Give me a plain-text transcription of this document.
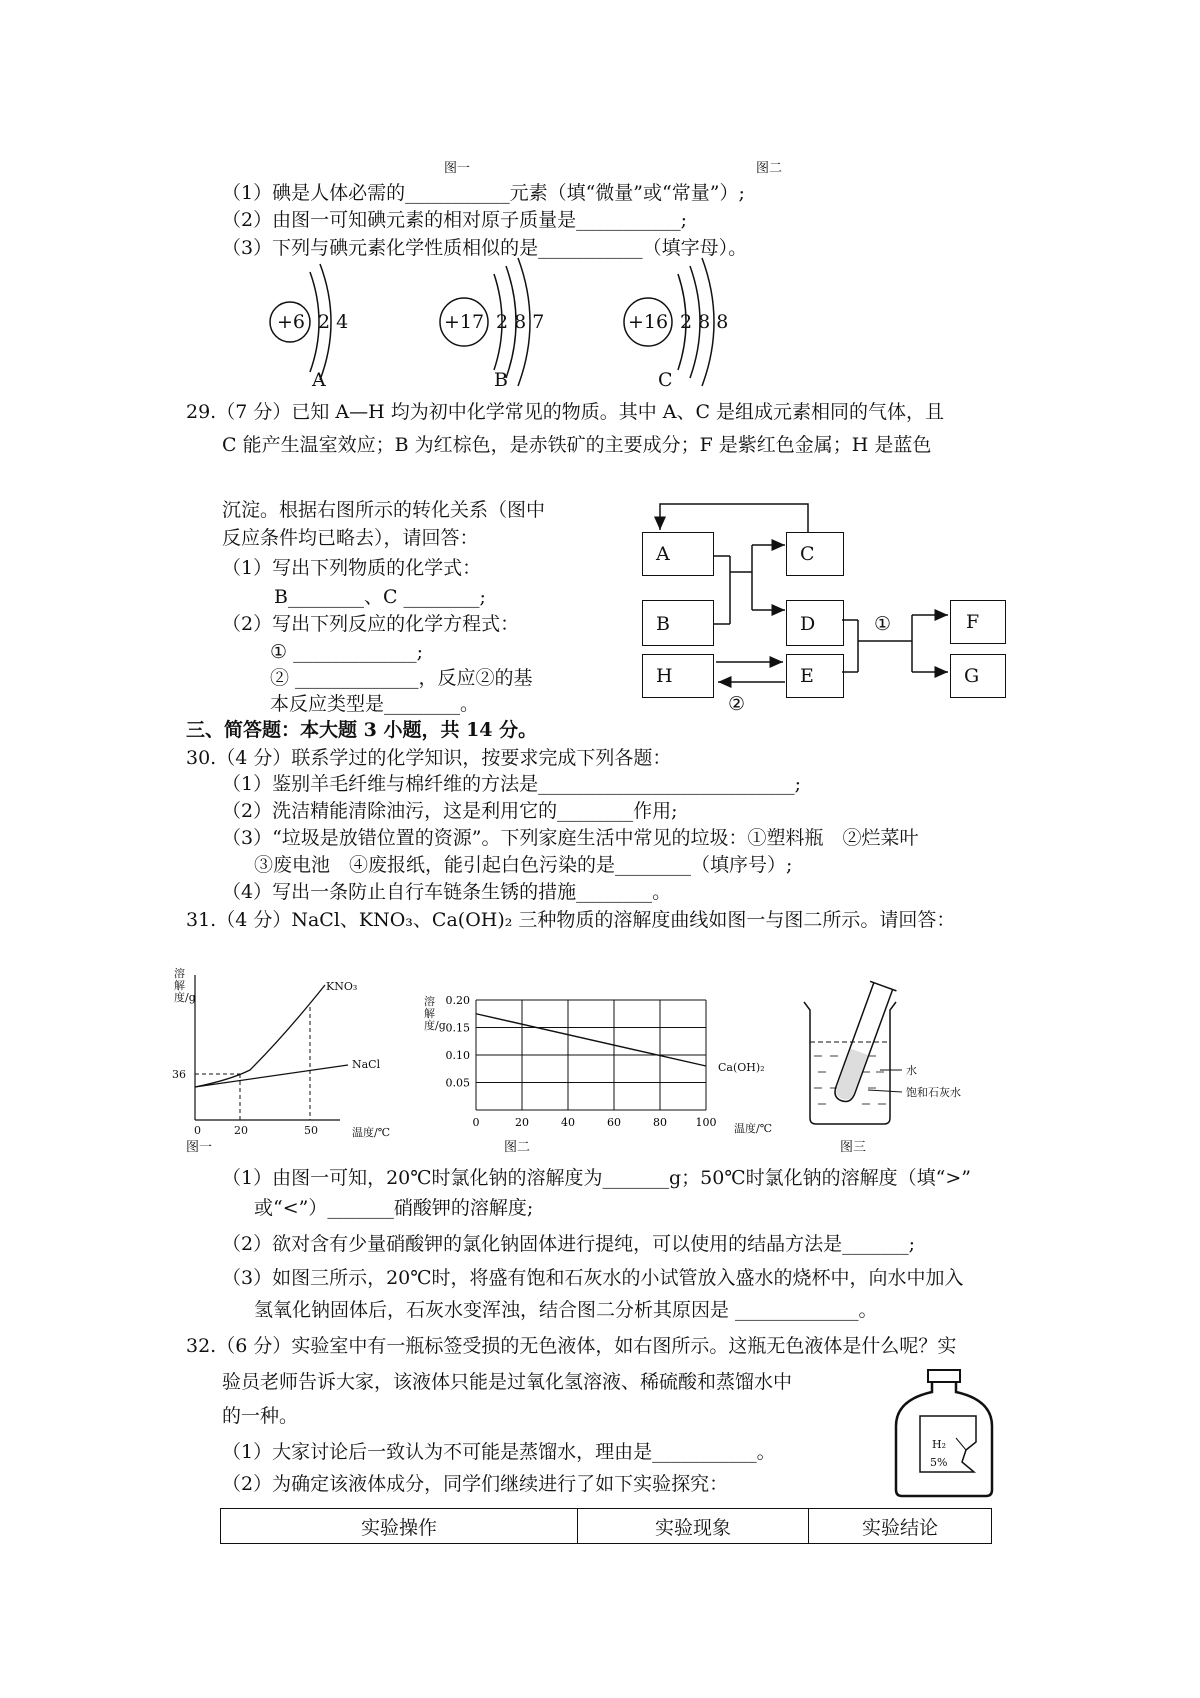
图一	图二
（1）碘是人体必需的___________元素（填“微量”或“常量”）;
（2）由图一可知碘元素的相对原子质量是___________;
（3）下列与碘元素化学性质相似的是___________（填字母）。
+6 2 4
A
+17 2 8 7
B
+16 2 8 8
C
29.（7 分）已知 A—H 均为初中化学常见的物质。其中 A、C 是组成元素相同的气体，且
C 能产生温室效应；B 为红棕色，是赤铁矿的主要成分；F 是紫红色金属；H 是蓝色
沉淀。根据右图所示的转化关系（图中
反应条件均已略去），请回答：
（1）写出下列物质的化学式：
B________、C ________;
（2）写出下列反应的化学方程式：
① _____________;
② _____________，反应②的基
本反应类型是________。
A
B
H
C
D
E
F
G
①
②
三、简答题：本大题 3 小题，共 14 分。
30.（4 分）联系学过的化学知识，按要求完成下列各题：
（1）鉴别羊毛纤维与棉纤维的方法是___________________________;
（2）洗洁精能清除油污，这是利用它的________作用;
（3）“垃圾是放错位置的资源”。下列家庭生活中常见的垃圾：①塑料瓶　②烂菜叶
③废电池　④废报纸，能引起白色污染的是________（填序号）;
（4）写出一条防止自行车链条生锈的措施________。
31.（4 分）NaCl、KNO₃、Ca(OH)₂ 三种物质的溶解度曲线如图一与图二所示。请回答：
溶解度/g
KNO₃
NaCl
36
0	20	50	温度/℃
图一
0	20	40	60	80	100
0.05
0.10
0.15
0.20
溶解度/g
Ca(OH)₂
温度/℃
图二
水
饱和石灰水
图三
（1）由图一可知，20℃时氯化钠的溶解度为_______g；50℃时氯化钠的溶解度（填“>”
或“<”）_______硝酸钾的溶解度;
（2）欲对含有少量硝酸钾的氯化钠固体进行提纯，可以使用的结晶方法是_______;
（3）如图三所示，20℃时，将盛有饱和石灰水的小试管放入盛水的烧杯中，向水中加入
氢氧化钠固体后，石灰水变浑浊，结合图二分析其原因是 _____________。
32.（6 分）实验室中有一瓶标签受损的无色液体，如右图所示。这瓶无色液体是什么呢？实
验员老师告诉大家，该液体只能是过氧化氢溶液、稀硫酸和蒸馏水中
的一种。
（1）大家讨论后一致认为不可能是蒸馏水，理由是___________。
（2）为确定该液体成分，同学们继续进行了如下实验探究：
H₂
5%
实验操作	实验现象	实验结论
